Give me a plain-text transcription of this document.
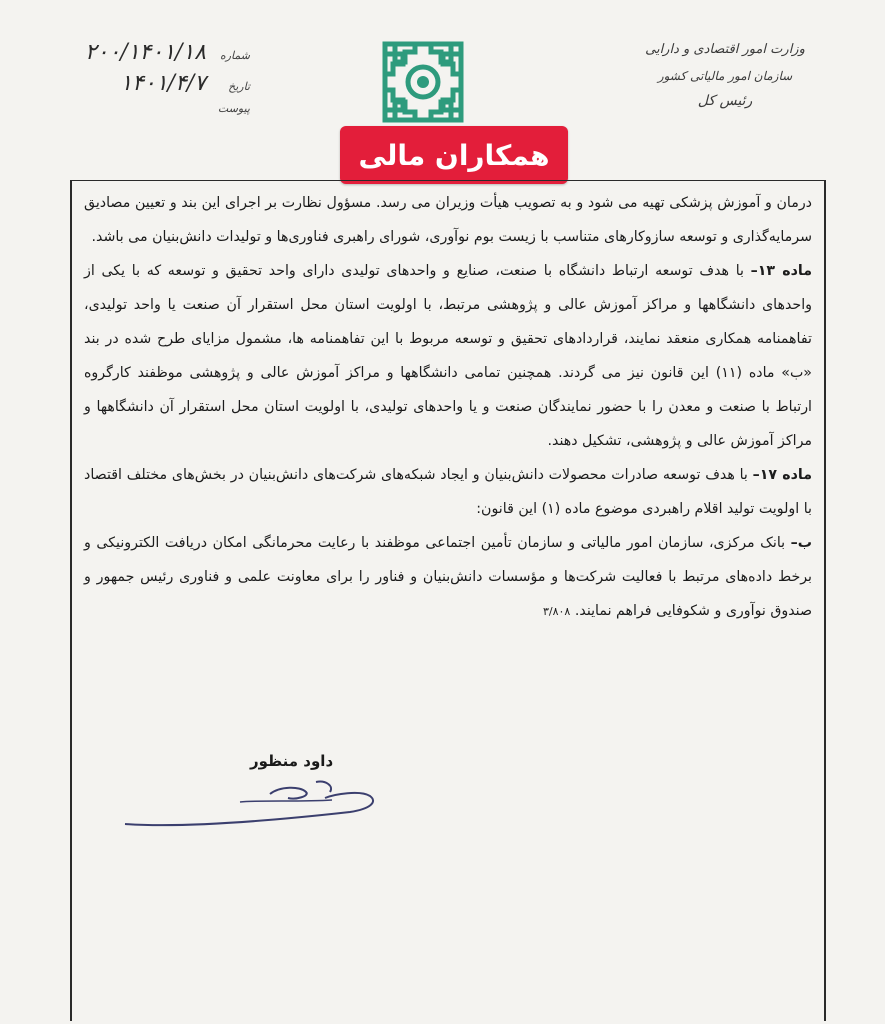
وزارت امور اقتصادی و دارایی
سازمان امور مالیاتی کشور
رئیس کل
شماره
۲۰۰/۱۴۰۱/۱۸
تاریخ
۱۴۰۱/۴/۷
پیوست
همکاران مالی

درمان و آموزش پزشکی تهیه می شود و به تصویب هیأت وزیران می رسد. مسؤول نظارت بر اجرای این بند و تعیین مصادیق سرمایه‌گذاری و توسعه سازوکارهای متناسب با زیست بوم نوآوری، شورای راهبری فناوری‌ها و تولیدات دانش‌بنیان می باشد.

ماده ۱۳– با هدف توسعه ارتباط دانشگاه با صنعت، صنایع و واحدهای تولیدی دارای واحد تحقیق و توسعه که با یکی از واحدهای دانشگاهها و مراکز آموزش عالی و پژوهشی مرتبط، با اولویت استان محل استقرار آن صنعت یا واحد تولیدی، تفاهمنامه همکاری منعقد نمایند، قراردادهای تحقیق و توسعه مربوط با این تفاهمنامه ها، مشمول مزایای طرح شده در بند «ب» ماده (۱۱) این قانون نیز می گردند. همچنین تمامی دانشگاهها و مراکز آموزش عالی و پژوهشی موظفند کارگروه ارتباط با صنعت و معدن را با حضور نمایندگان صنعت و یا واحدهای تولیدی، با اولویت استان محل استقرار آن دانشگاهها و مراکز آموزش عالی و پژوهشی، تشکیل دهند.

ماده ۱۷– با هدف توسعه صادرات محصولات دانش‌بنیان و ایجاد شبکه‌های شرکت‌های دانش‌بنیان در بخش‌های مختلف اقتصاد با اولویت تولید اقلام راهبردی موضوع ماده (۱) این قانون:

ب– بانک مرکزی، سازمان امور مالیاتی و سازمان تأمین اجتماعی موظفند با رعایت محرمانگی امکان دریافت الکترونیکی و برخط داده‌های مرتبط با فعالیت شرکت‌ها و مؤسسات دانش‌بنیان و فناور را برای معاونت علمی و فناوری رئیس جمهور و صندوق نوآوری و شکوفایی فراهم نمایند. ۳/۸۰۸

داود منظور
